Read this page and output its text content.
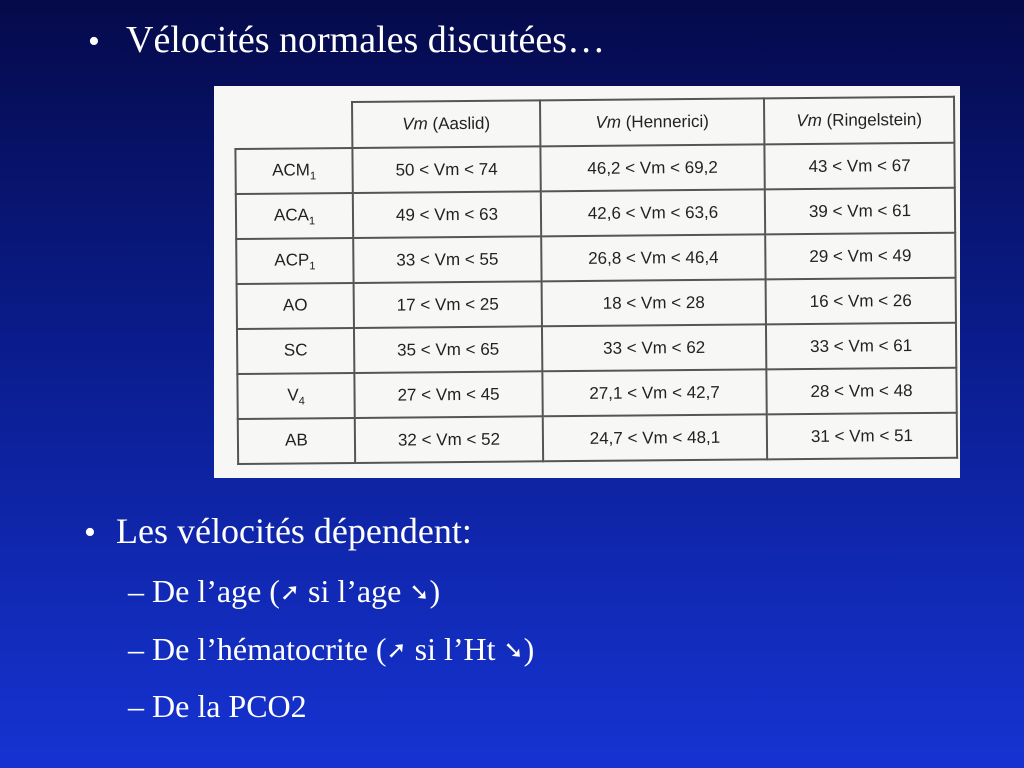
• Vélocités normales discutées…
	Vm (Aaslid)	Vm (Hennerici)	Vm (Ringelstein)
$ACM_1$	50 < Vm < 74	46,2 < Vm < 69,2	43 < Vm < 67
$ACA_1$	49 < Vm < 63	42,6 < Vm < 63,6	39 < Vm < 61
$ACP_1$	33 < Vm < 55	26,8 < Vm < 46,4	29 < Vm < 49
AO	17 < Vm < 25	18 < Vm < 28	16 < Vm < 26
SC	35 < Vm < 65	33 < Vm < 62	33 < Vm < 61
$V_4$	27 < Vm < 45	27,1 < Vm < 42,7	28 < Vm < 48
AB	32 < Vm < 52	24,7 < Vm < 48,1	31 < Vm < 51
• Les vélocités dépendent:
– De l’age (➚ si l’age ➘)
– De l’hématocrite (➚ si l’Ht ➘)
– De la PCO2
